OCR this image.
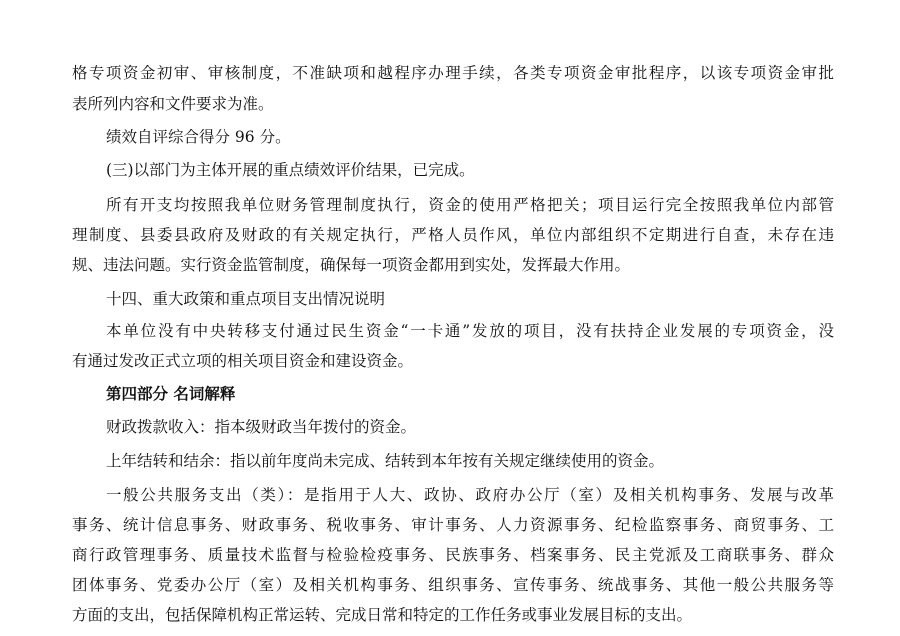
格专项资金初审、审核制度，不准缺项和越程序办理手续，各类专项资金审批程序，以该专项资金审批
表所列内容和文件要求为准。
绩效自评综合得分 96 分。
(三)以部门为主体开展的重点绩效评价结果，已完成。
所有开支均按照我单位财务管理制度执行，资金的使用严格把关；项目运行完全按照我单位内部管
理制度、县委县政府及财政的有关规定执行，严格人员作风，单位内部组织不定期进行自查，未存在违
规、违法问题。实行资金监管制度，确保每一项资金都用到实处，发挥最大作用。
十四、重大政策和重点项目支出情况说明
本单位没有中央转移支付通过民生资金“一卡通”发放的项目，没有扶持企业发展的专项资金，没
有通过发改正式立项的相关项目资金和建设资金。
第四部分 名词解释
财政拨款收入：指本级财政当年拨付的资金。
上年结转和结余：指以前年度尚未完成、结转到本年按有关规定继续使用的资金。
一般公共服务支出（类）：是指用于人大、政协、政府办公厅（室）及相关机构事务、发展与改革
事务、统计信息事务、财政事务、税收事务、审计事务、人力资源事务、纪检监察事务、商贸事务、工
商行政管理事务、质量技术监督与检验检疫事务、民族事务、档案事务、民主党派及工商联事务、群众
团体事务、党委办公厅（室）及相关机构事务、组织事务、宣传事务、统战事务、其他一般公共服务等
方面的支出，包括保障机构正常运转、完成日常和特定的工作任务或事业发展目标的支出。
